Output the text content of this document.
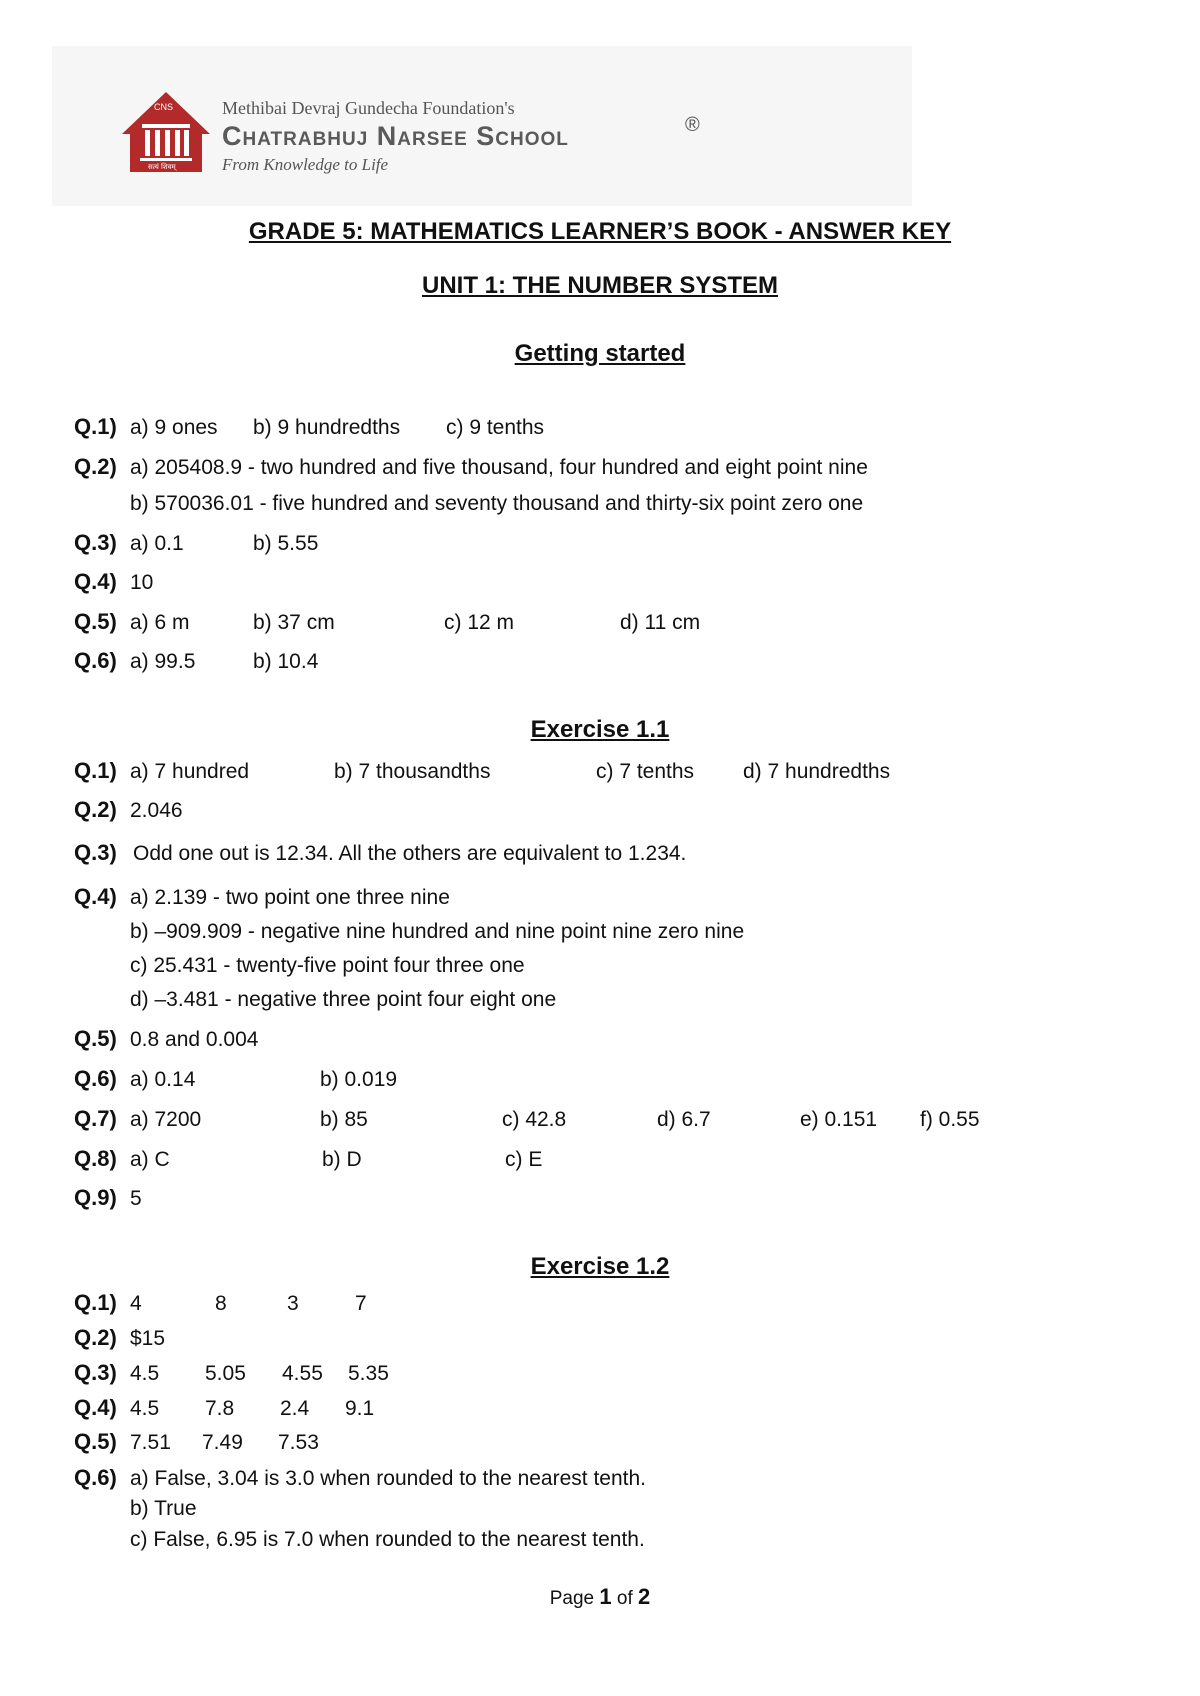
CNS
सत्यं शिवम्
Methibai Devraj Gundecha Foundation's
Chatrabhuj Narsee School
From Knowledge to Life
®
GRADE 5: MATHEMATICS LEARNER’S BOOK - ANSWER KEY
UNIT 1: THE NUMBER SYSTEM
Getting started
Q.1) a) 9 ones b) 9 hundredths c) 9 tenths
Q.2) a) 205408.9 - two hundred and five thousand, four hundred and eight point nine
b) 570036.01 - five hundred and seventy thousand and thirty-six point zero one
Q.3) a) 0.1	b) 5.55
Q.4) 10
Q.5) a) 6 m	b) 37 cm	c) 12 m	d) 11 cm
Q.6) a) 99.5	b) 10.4
Exercise 1.1
Q.1) a) 7 hundred	b) 7 thousandths	c) 7 tenths d) 7 hundredths
Q.2) 2.046
Q.3) Odd one out is 12.34. All the others are equivalent to 1.234.
Q.4) a) 2.139 - two point one three nine
b) –909.909 - negative nine hundred and nine point nine zero nine
c) 25.431 - twenty-five point four three one
d) –3.481 - negative three point four eight one
Q.5) 0.8 and 0.004
Q.6) a) 0.14	b) 0.019
Q.7) a) 7200	b) 85	c) 42.8	d) 6.7	e) 0.151 f) 0.55
Q.8) a) C	b) D	c) E
Q.9) 5
Exercise 1.2
Q.1) 4	8	3	7
Q.2) $15
Q.3) 4.5 5.05 4.55 5.35
Q.4) 4.5 7.8 2.4 9.1
Q.5) 7.51 7.49 7.53
Q.6) a) False, 3.04 is 3.0 when rounded to the nearest tenth.
b) True
c) False, 6.95 is 7.0 when rounded to the nearest tenth.
Page 1 of 2
